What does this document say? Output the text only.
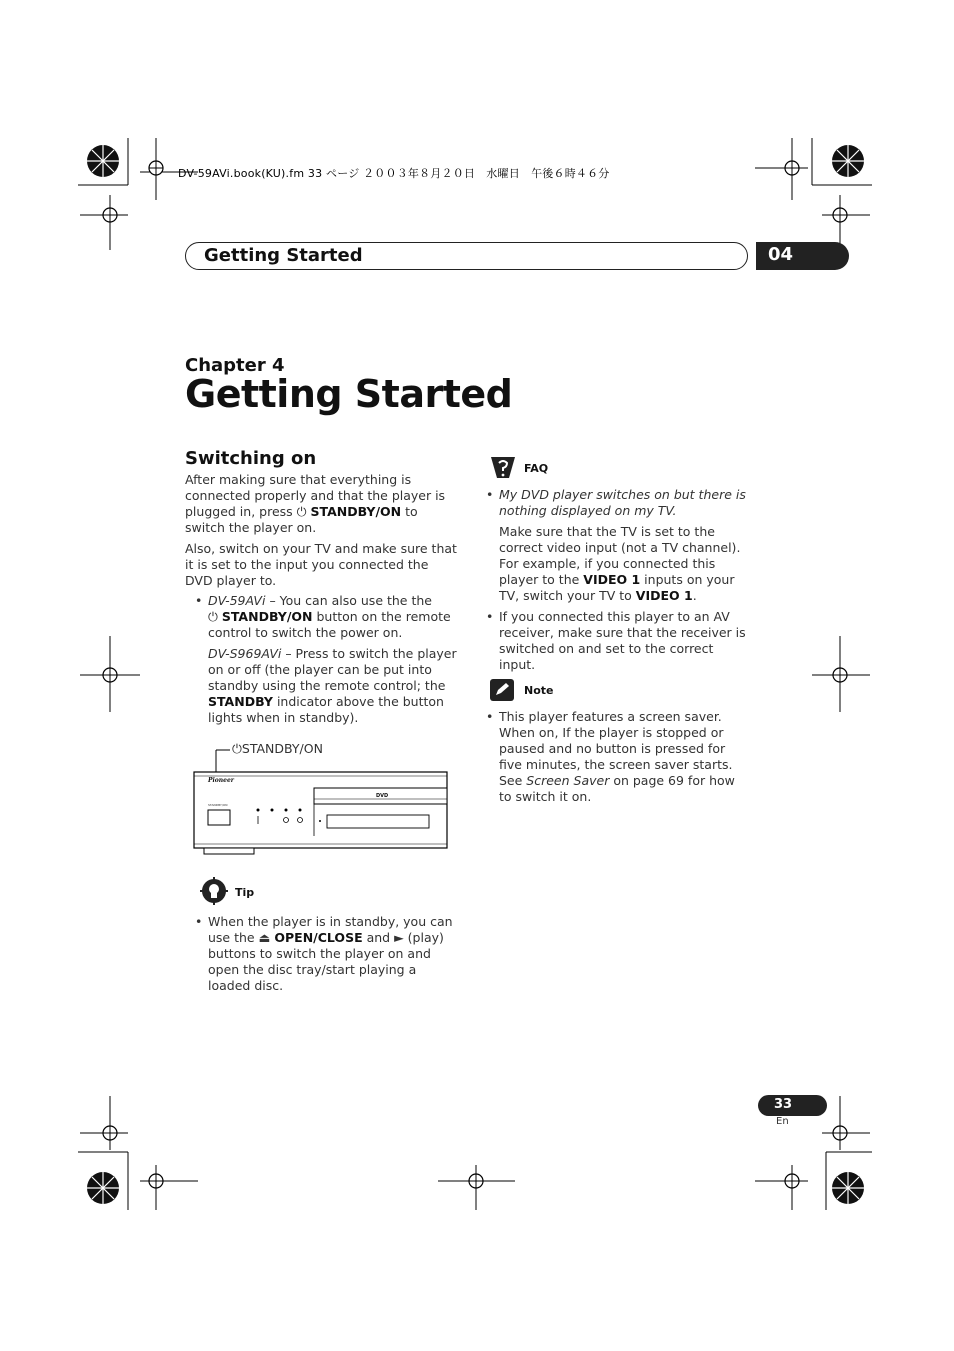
DV-59AVi.book(KU).fm 33 ページ ２００３年８月２０日　水曜日　午後６時４６分
Getting Started	04
Chapter 4
Getting Started
Switching on
After making sure that everything is connected properly and that the player is plugged in, press ⏻ STANDBY/ON to switch the player on.
Also, switch on your TV and make sure that it is set to the input you connected the DVD player to.
• DV-59AVi – You can also use the the ⏻ STANDBY/ON button on the remote control to switch the power on.
DV-S969AVi – Press to switch the player on or off (the player can be put into standby using the remote control; the STANDBY indicator above the button lights when in standby).
⏻STANDBY/ON
Pioneer
STANDBY/ON
DVD
Tip
• When the player is in standby, you can use the ⏏ OPEN/CLOSE and ► (play) buttons to switch the player on and open the disc tray/start playing a loaded disc.
FAQ
• My DVD player switches on but there is nothing displayed on my TV.
Make sure that the TV is set to the correct video input (not a TV channel). For example, if you connected this player to the VIDEO 1 inputs on your TV, switch your TV to VIDEO 1.
• If you connected this player to an AV receiver, make sure that the receiver is switched on and set to the correct input.
Note
• This player features a screen saver. When on, If the player is stopped or paused and no button is pressed for five minutes, the screen saver starts. See Screen Saver on page 69 for how to switch it on.
33
En
